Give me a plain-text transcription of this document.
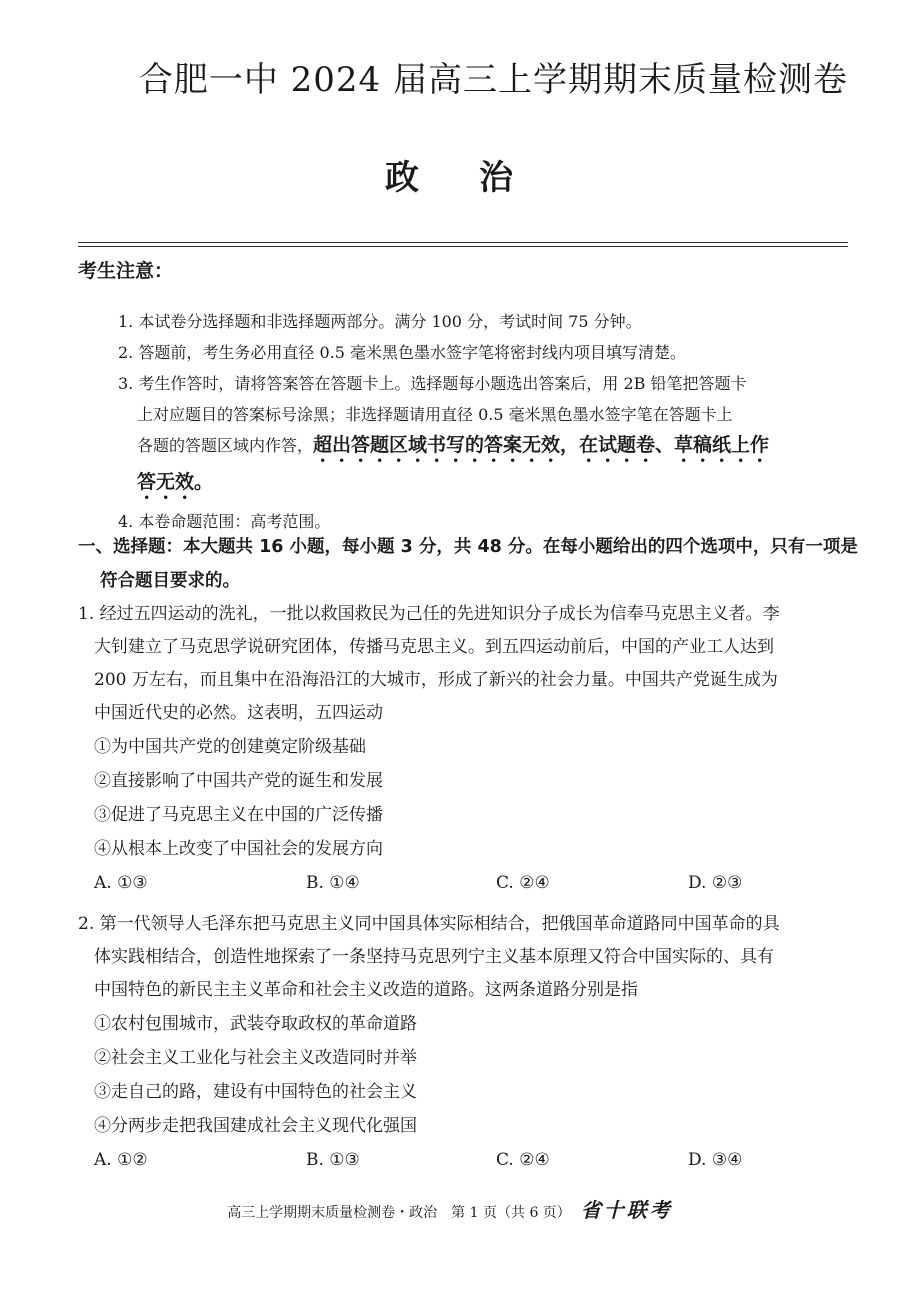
合肥一中 2024 届高三上学期期末质量检测卷
政 治
考生注意：
1. 本试卷分选择题和非选择题两部分。满分 100 分，考试时间 75 分钟。
2. 答题前，考生务必用直径 0.5 毫米黑色墨水签字笔将密封线内项目填写清楚。
3. 考生作答时，请将答案答在答题卡上。选择题每小题选出答案后，用 2B 铅笔把答题卡
上对应题目的答案标号涂黑；非选择题请用直径 0.5 毫米黑色墨水签字笔在答题卡上
各题的答题区域内作答，超出答题区域书写的答案无效，在试题卷、草稿纸上作
答无效。
4. 本卷命题范围：高考范围。
一、选择题：本大题共 16 小题，每小题 3 分，共 48 分。在每小题给出的四个选项中，只有一项是
符合题目要求的。
1. 经过五四运动的洗礼，一批以救国救民为己任的先进知识分子成长为信奉马克思主义者。李
大钊建立了马克思学说研究团体，传播马克思主义。到五四运动前后，中国的产业工人达到
200 万左右，而且集中在沿海沿江的大城市，形成了新兴的社会力量。中国共产党诞生成为
中国近代史的必然。这表明，五四运动
①为中国共产党的创建奠定阶级基础
②直接影响了中国共产党的诞生和发展
③促进了马克思主义在中国的广泛传播
④从根本上改变了中国社会的发展方向
A. ①③	B. ①④	C. ②④	D. ②③
2. 第一代领导人毛泽东把马克思主义同中国具体实际相结合，把俄国革命道路同中国革命的具
体实践相结合，创造性地探索了一条坚持马克思列宁主义基本原理又符合中国实际的、具有
中国特色的新民主主义革命和社会主义改造的道路。这两条道路分别是指
①农村包围城市，武装夺取政权的革命道路
②社会主义工业化与社会主义改造同时并举
③走自己的路，建设有中国特色的社会主义
④分两步走把我国建成社会主义现代化强国
A. ①②	B. ①③	C. ②④	D. ③④
高三上学期期末质量检测卷・政治　第 1 页（共 6 页） 省十联考
